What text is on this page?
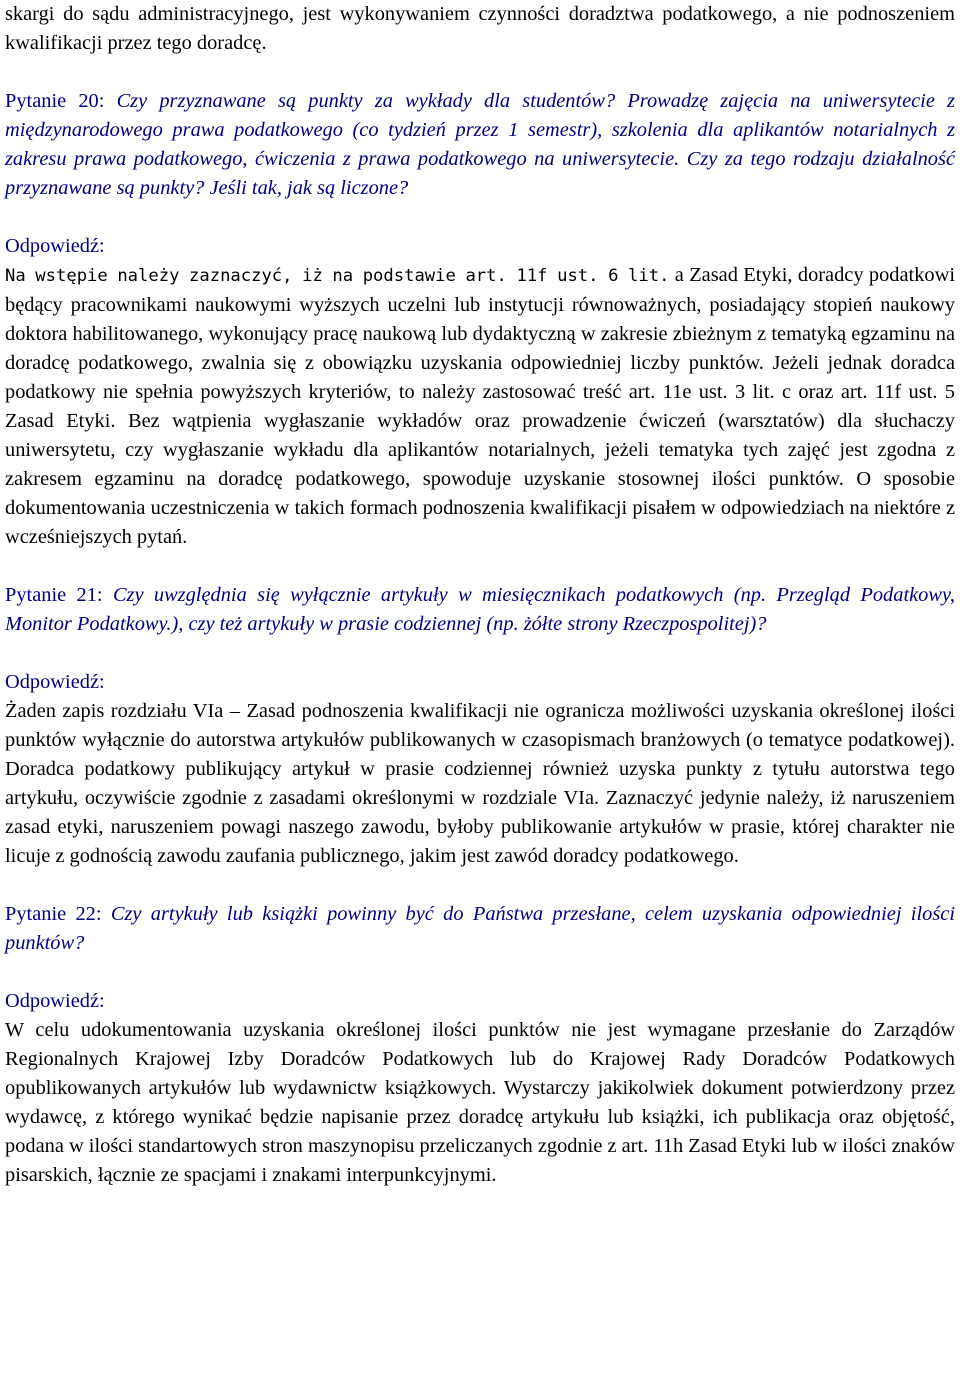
skargi do sądu administracyjnego, jest wykonywaniem czynności doradztwa podatkowego, a nie podnoszeniem kwalifikacji przez tego doradcę.

Pytanie 20: Czy przyznawane są punkty za wykłady dla studentów? Prowadzę zajęcia na uniwersytecie z międzynarodowego prawa podatkowego (co tydzień przez 1 semestr), szkolenia dla aplikantów notarialnych z zakresu prawa podatkowego, ćwiczenia z prawa podatkowego na uniwersytecie. Czy za tego rodzaju działalność przyznawane są punkty? Jeśli tak, jak są liczone?

Odpowiedź:

Na wstępie należy zaznaczyć, iż na podstawie art. 11f ust. 6 lit. a Zasad Etyki, doradcy podatkowi będący pracownikami naukowymi wyższych uczelni lub instytucji równoważnych, posiadający stopień naukowy doktora habilitowanego, wykonujący pracę naukową lub dydaktyczną w zakresie zbieżnym z tematyką egzaminu na doradcę podatkowego, zwalnia się z obowiązku uzyskania odpowiedniej liczby punktów. Jeżeli jednak doradca podatkowy nie spełnia powyższych kryteriów, to należy zastosować treść art. 11e ust. 3 lit. c oraz art. 11f ust. 5 Zasad Etyki. Bez wątpienia wygłaszanie wykładów oraz prowadzenie ćwiczeń (warsztatów) dla słuchaczy uniwersytetu, czy wygłaszanie wykładu dla aplikantów notarialnych, jeżeli tematyka tych zajęć jest zgodna z zakresem egzaminu na doradcę podatkowego, spowoduje uzyskanie stosownej ilości punktów. O sposobie dokumentowania uczestniczenia w takich formach podnoszenia kwalifikacji pisałem w odpowiedziach na niektóre z wcześniejszych pytań.

Pytanie 21: Czy uwzględnia się wyłącznie artykuły w miesięcznikach podatkowych (np. Przegląd Podatkowy, Monitor Podatkowy.), czy też artykuły w prasie codziennej (np. żółte strony Rzeczpospolitej)?

Odpowiedź:

Żaden zapis rozdziału VIa – Zasad podnoszenia kwalifikacji nie ogranicza możliwości uzyskania określonej ilości punktów wyłącznie do autorstwa artykułów publikowanych w czasopismach branżowych (o tematyce podatkowej). Doradca podatkowy publikujący artykuł w prasie codziennej również uzyska punkty z tytułu autorstwa tego artykułu, oczywiście zgodnie z zasadami określonymi w rozdziale VIa. Zaznaczyć jedynie należy, iż naruszeniem zasad etyki, naruszeniem powagi naszego zawodu, byłoby publikowanie artykułów w prasie, której charakter nie licuje z godnością zawodu zaufania publicznego, jakim jest zawód doradcy podatkowego.

Pytanie 22: Czy artykuły lub książki powinny być do Państwa przesłane, celem uzyskania odpowiedniej ilości punktów?

Odpowiedź:

W celu udokumentowania uzyskania określonej ilości punktów nie jest wymagane przesłanie do Zarządów Regionalnych Krajowej Izby Doradców Podatkowych lub do Krajowej Rady Doradców Podatkowych opublikowanych artykułów lub wydawnictw książkowych. Wystarczy jakikolwiek dokument potwierdzony przez wydawcę, z którego wynikać będzie napisanie przez doradcę artykułu lub książki, ich publikacja oraz objętość, podana w ilości standartowych stron maszynopisu przeliczanych zgodnie z art. 11h Zasad Etyki lub w ilości znaków pisarskich, łącznie ze spacjami i znakami interpunkcyjnymi.
